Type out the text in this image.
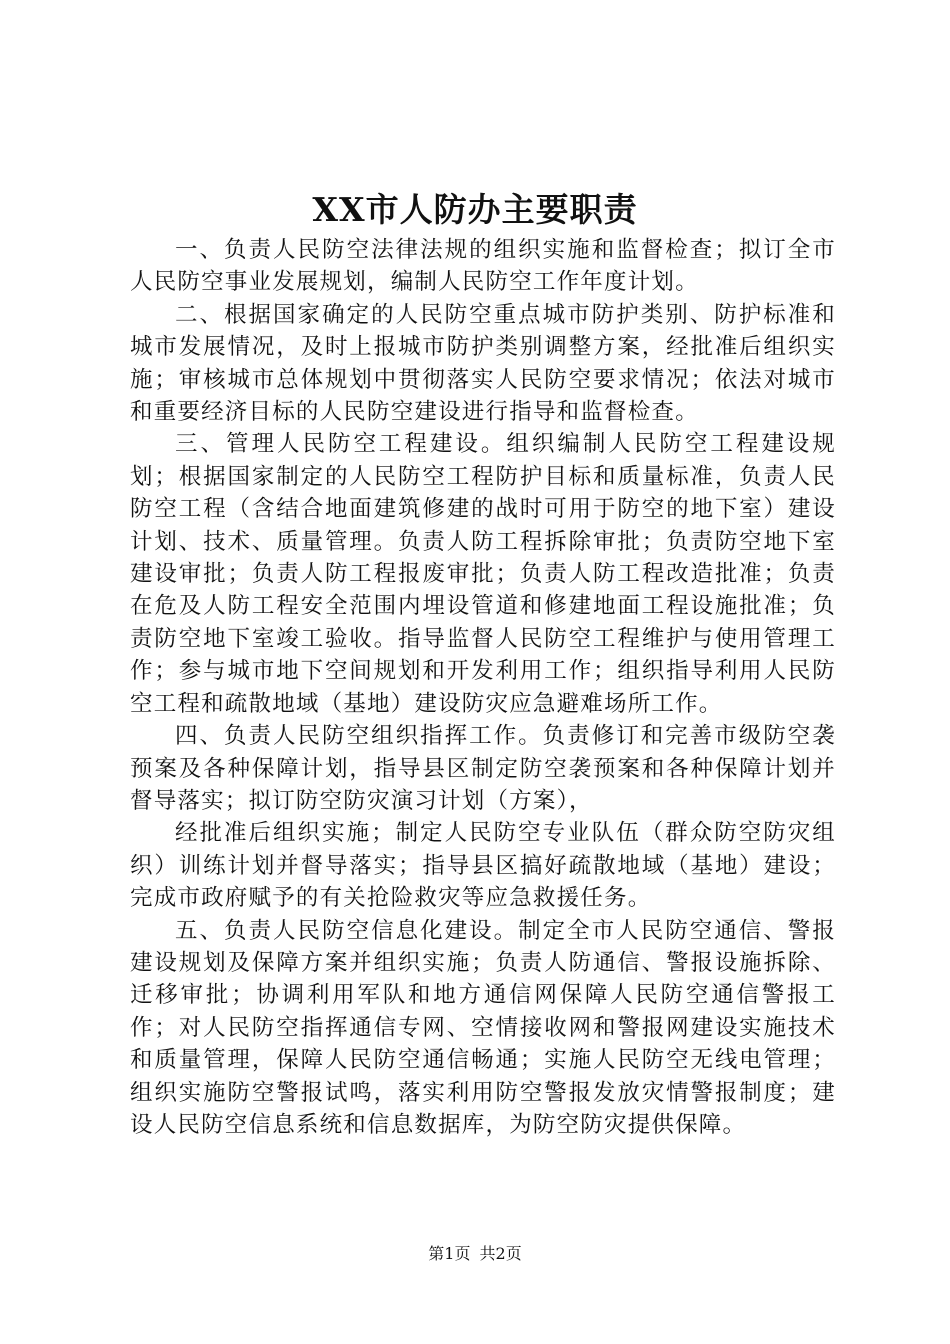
XX市人防办主要职责

一、负责人民防空法律法规的组织实施和监督检查；拟订全市人民防空事业发展规划，编制人民防空工作年度计划。

二、根据国家确定的人民防空重点城市防护类别、防护标准和城市发展情况，及时上报城市防护类别调整方案，经批准后组织实施；审核城市总体规划中贯彻落实人民防空要求情况；依法对城市和重要经济目标的人民防空建设进行指导和监督检查。

三、管理人民防空工程建设。组织编制人民防空工程建设规划；根据国家制定的人民防空工程防护目标和质量标准，负责人民防空工程（含结合地面建筑修建的战时可用于防空的地下室）建设计划、技术、质量管理。负责人防工程拆除审批；负责防空地下室建设审批；负责人防工程报废审批；负责人防工程改造批准；负责在危及人防工程安全范围内埋设管道和修建地面工程设施批准；负责防空地下室竣工验收。指导监督人民防空工程维护与使用管理工作；参与城市地下空间规划和开发利用工作；组织指导利用人民防空工程和疏散地域（基地）建设防灾应急避难场所工作。

四、负责人民防空组织指挥工作。负责修订和完善市级防空袭预案及各种保障计划，指导县区制定防空袭预案和各种保障计划并督导落实；拟订防空防灾演习计划（方案），

经批准后组织实施；制定人民防空专业队伍（群众防空防灾组织）训练计划并督导落实；指导县区搞好疏散地域（基地）建设；完成市政府赋予的有关抢险救灾等应急救援任务。

五、负责人民防空信息化建设。制定全市人民防空通信、警报建设规划及保障方案并组织实施；负责人防通信、警报设施拆除、迁移审批；协调利用军队和地方通信网保障人民防空通信警报工作；对人民防空指挥通信专网、空情接收网和警报网建设实施技术和质量管理，保障人民防空通信畅通；实施人民防空无线电管理；组织实施防空警报试鸣，落实利用防空警报发放灾情警报制度；建设人民防空信息系统和信息数据库，为防空防灾提供保障。

第1页 共2页
